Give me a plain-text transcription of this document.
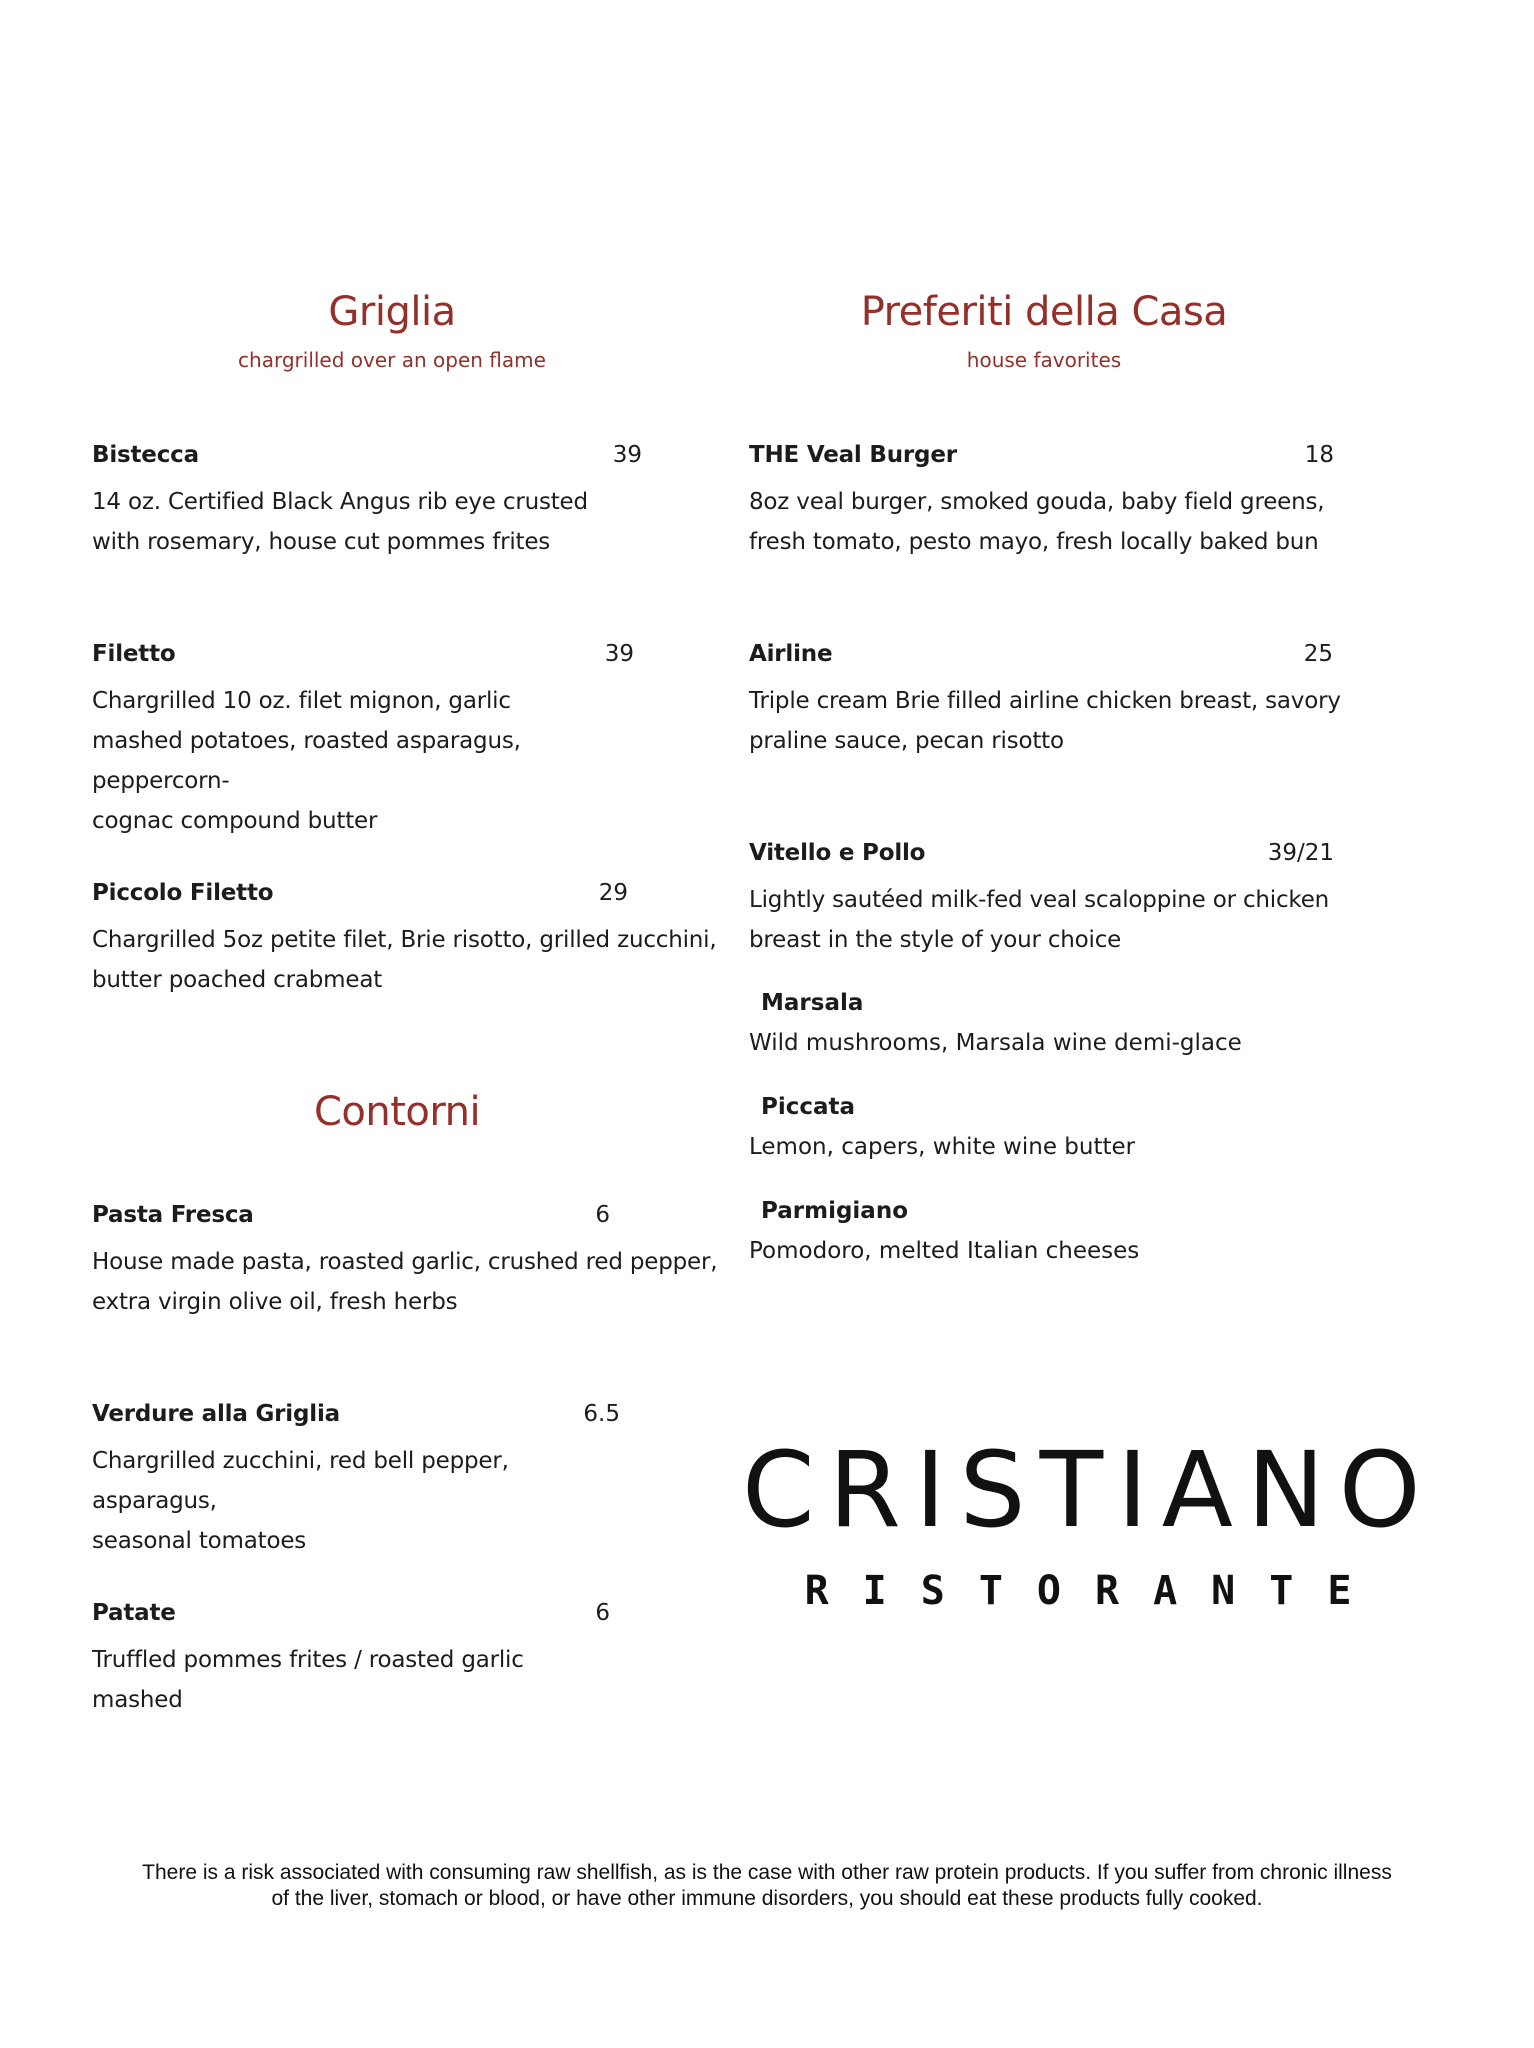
Griglia
chargrilled over an open flame
Bistecca	39
14 oz. Certified Black Angus rib eye crusted
with rosemary, house cut pommes frites
Filetto	39
Chargrilled 10 oz. filet mignon, garlic
mashed potatoes, roasted asparagus, peppercorn-
cognac compound butter
Piccolo Filetto	29
Chargrilled 5oz petite filet, Brie risotto, grilled zucchini,
butter poached crabmeat
Contorni
Pasta Fresca	6
House made pasta, roasted garlic, crushed red pepper,
extra virgin olive oil, fresh herbs
Verdure alla Griglia	6.5
Chargrilled zucchini, red bell pepper, asparagus,
seasonal tomatoes
Patate	6
Truffled pommes frites / roasted garlic mashed
Preferiti della Casa
house favorites
THE Veal Burger	18
8oz veal burger, smoked gouda, baby field greens,
fresh tomato, pesto mayo, fresh locally baked bun
Airline	25
Triple cream Brie filled airline chicken breast, savory
praline sauce, pecan risotto
Vitello e Pollo	39/21
Lightly sautéed milk-fed veal scaloppine or chicken
breast in the style of your choice
Marsala
Wild mushrooms, Marsala wine demi-glace
Piccata
Lemon, capers, white wine butter
Parmigiano
Pomodoro, melted Italian cheeses
CRISTIANO
RISTORANTE
There is a risk associated with consuming raw shellfish, as is the case with other raw protein products. If you suffer from chronic illness
of the liver, stomach or blood, or have other immune disorders, you should eat these products fully cooked.
